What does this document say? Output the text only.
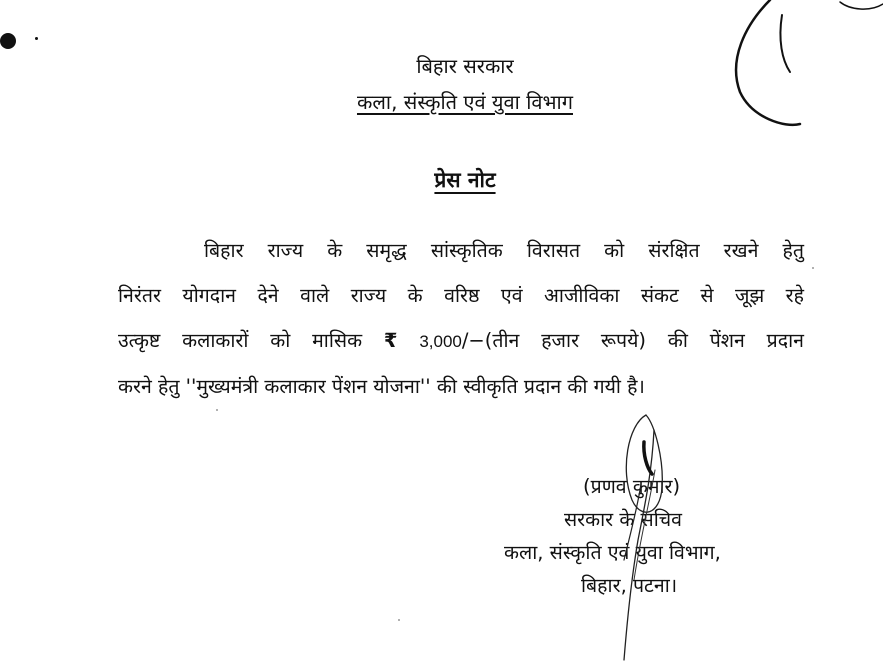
बिहार सरकार
कला, संस्कृति एवं युवा विभाग
प्रेस नोट
बिहार राज्य के समृद्ध सांस्कृतिक विरासत को संरक्षित रखने हेतु
निरंतर योगदान देने वाले राज्य के वरिष्ठ एवं आजीविका संकट से जूझ रहे
उत्कृष्ट कलाकारों को मासिक ₹ 3,000/−(तीन हजार रूपये) की पेंशन प्रदान
करने हेतु ''मुख्यमंत्री कलाकार पेंशन योजना'' की स्वीकृति प्रदान की गयी है।
(प्रणव कुमार)
सरकार के सचिव
कला, संस्कृति एवं युवा विभाग,
बिहार, पटना।
